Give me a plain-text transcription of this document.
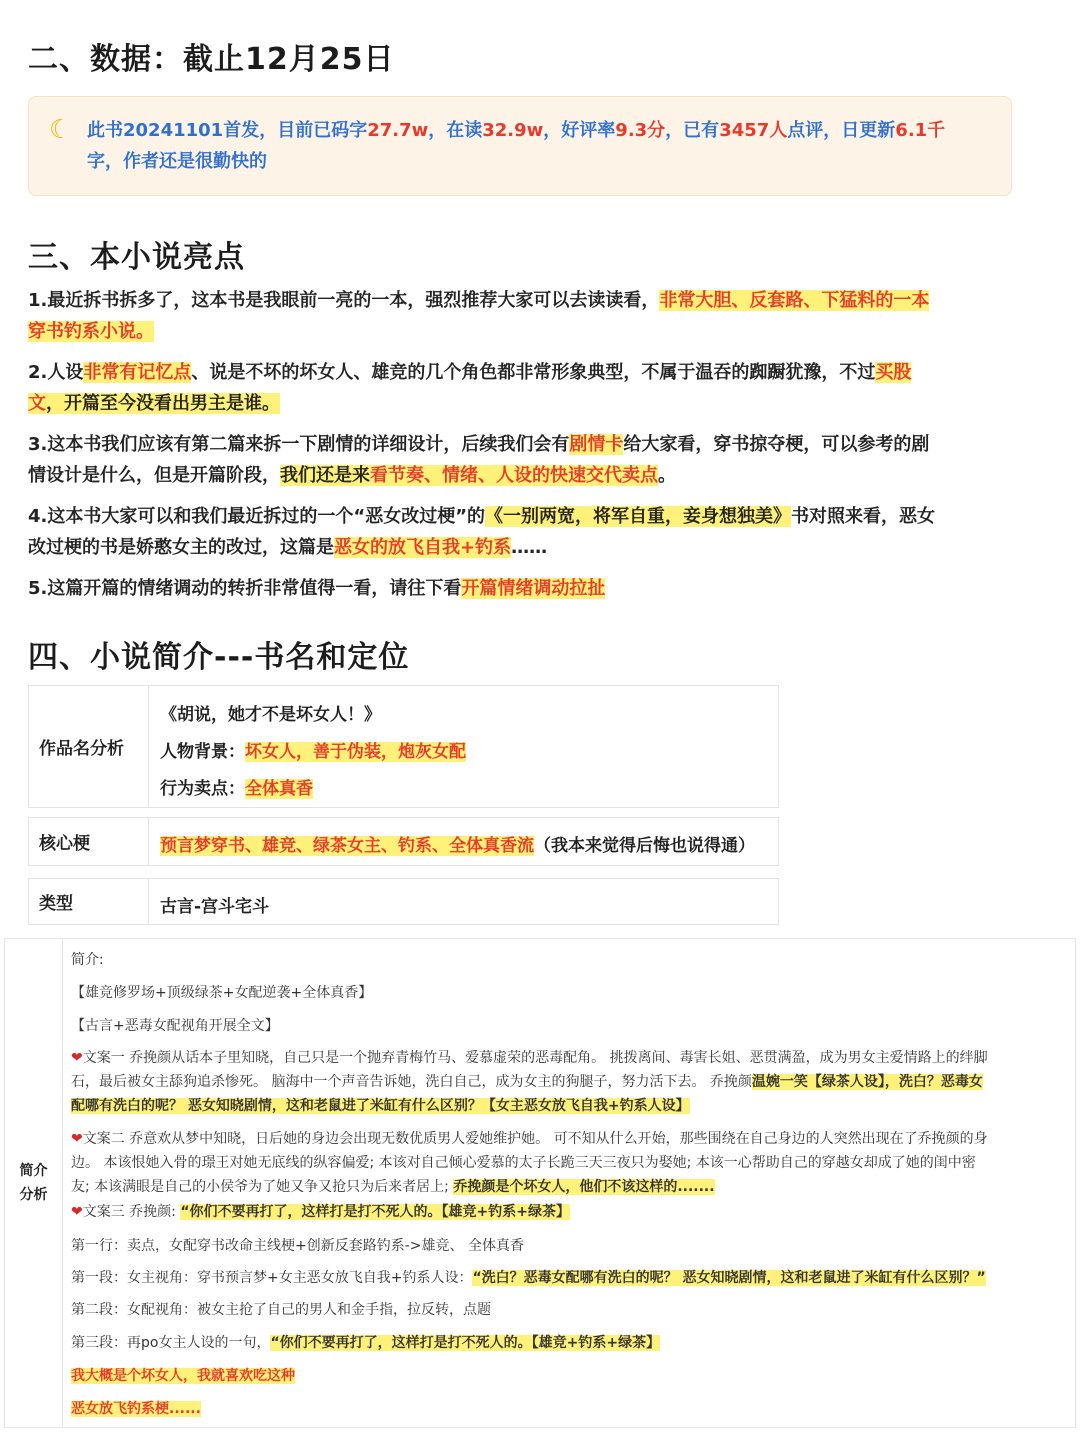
二、数据：截止12月25日
☾ 此书20241101首发，目前已码字27.7w，在读32.9w，好评率9.3分，已有3457人点评，日更新6.1千
字，作者还是很勤快的

三、本小说亮点
1.最近拆书拆多了，这本书是我眼前一亮的一本，强烈推荐大家可以去读读看，非常大胆、反套路、下猛料的一本
穿书钓系小说。
2.人设非常有记忆点、说是不坏的坏女人、雄竞的几个角色都非常形象典型，不属于温吞的踟蹰犹豫，不过买股
文，开篇至今没看出男主是谁。
3.这本书我们应该有第二篇来拆一下剧情的详细设计，后续我们会有剧情卡给大家看，穿书掠夺梗，可以参考的剧
情设计是什么，但是开篇阶段，我们还是来看节奏、情绪、人设的快速交代卖点。
4.这本书大家可以和我们最近拆过的一个“恶女改过梗”的《一别两宽，将军自重，妾身想独美》书对照来看，恶女
改过梗的书是娇憨女主的改过，这篇是恶女的放飞自我+钓系……
5.这篇开篇的情绪调动的转折非常值得一看，请往下看开篇情绪调动拉扯
四、小说简介---书名和定位
作品名分析
《胡说，她才不是坏女人！》
人物背景：坏女人，善于伪装，炮灰女配
行为卖点：全体真香
核心梗	预言梦穿书、雄竞、绿茶女主、钓系、全体真香流（我本来觉得后悔也说得通）
类型	古言-宫斗宅斗
简介分析
简介:
【雄竞修罗场+顶级绿茶+女配逆袭+全体真香】
【古言+恶毒女配视角开展全文】
❤文案一 乔挽颜从话本子里知晓，自己只是一个抛弃青梅竹马、爱慕虚荣的恶毒配角。 挑拨离间、毒害长姐、恶贯满盈，成为男女主爱情路上的绊脚
石，最后被女主舔狗追杀惨死。 脑海中一个声音告诉她，洗白自己，成为女主的狗腿子，努力活下去。 乔挽颜温婉一笑【绿茶人设】，洗白？恶毒女
配哪有洗白的呢？ 恶女知晓剧情，这和老鼠进了米缸有什么区别？【女主恶女放飞自我+钓系人设】
❤文案二 乔意欢从梦中知晓，日后她的身边会出现无数优质男人爱她维护她。 可不知从什么开始，那些围绕在自己身边的人突然出现在了乔挽颜的身
边。 本该恨她入骨的璟王对她无底线的纵容偏爱; 本该对自己倾心爱慕的太子长跪三天三夜只为娶她; 本该一心帮助自己的穿越女却成了她的闺中密
友; 本该满眼是自己的小侯爷为了她又争又抢只为后来者居上; 乔挽颜是个坏女人，他们不该这样的.......
❤文案三 乔挽颜: “你们不要再打了，这样打是打不死人的。【雄竞+钓系+绿茶】
第一行：卖点，女配穿书改命主线梗+创新反套路钓系->雄竞、 全体真香
第一段：女主视角：穿书预言梦+女主恶女放飞自我+钓系人设：“洗白？恶毒女配哪有洗白的呢？ 恶女知晓剧情，这和老鼠进了米缸有什么区别？”
第二段：女配视角：被女主抢了自己的男人和金手指，拉反转，点题
第三段：再po女主人设的一句，“你们不要再打了，这样打是打不死人的。【雄竞+钓系+绿茶】
我大概是个坏女人，我就喜欢吃这种
恶女放飞钓系梗......
